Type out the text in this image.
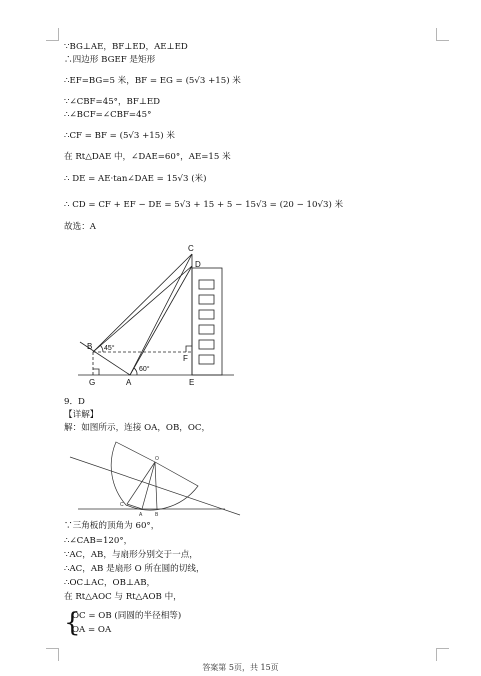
∵BG⊥AE，BF⊥ED，AE⊥ED
∴四边形 BGEF 是矩形
∴EF=BG=5 米，BF = EG = (5√3 +15) 米
∵∠CBF=45°，BF⊥ED
∴∠BCF=∠CBF=45°
∴CF = BF = (5√3 +15) 米
在 Rt△DAE 中，∠DAE=60°，AE=15 米
∴ DE = AE·tan∠DAE = 15√3 (米)
∴ CD = CF + EF − DE = 5√3 + 15 + 5 − 15√3 = (20 − 10√3) 米
故选：A
C
D
B 45°
F
60°
G	A	E
9．D
【详解】
解：如图所示，连接 OA，OB，OC，
O
C
A	B
∵三角板的顶角为 60°，
∴∠CAB=120°，
∵AC，AB，与扇形分别交于一点，
∴AC，AB 是扇形 O 所在圆的切线，
∴OC⊥AC，OB⊥AB，
在 Rt△AOC 与 Rt△AOB 中，
{
OC = OB (同圆的半径相等)
OA = OA
答案第 5页，共 15页
